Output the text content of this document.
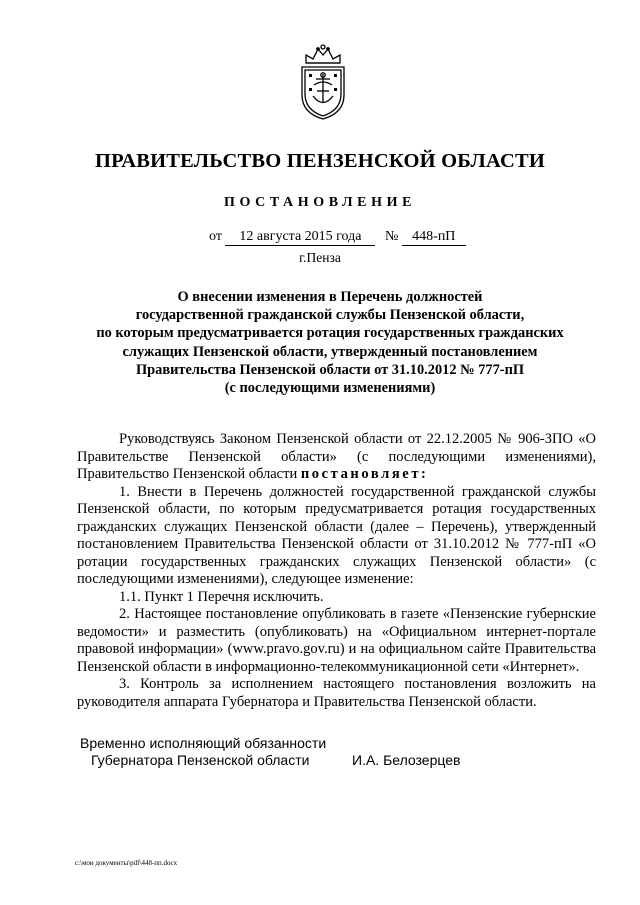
ПРАВИТЕЛЬСТВО ПЕНЗЕНСКОЙ ОБЛАСТИ
ПОСТАНОВЛЕНИЕ
от 12 августа 2015 года № 448-пП
г.Пенза
О внесении изменения в Перечень должностей
государственной гражданской службы Пензенской области,
по которым предусматривается ротация государственных гражданских
служащих Пензенской области, утвержденный постановлением
Правительства Пензенской области от 31.10.2012 № 777-пП
(с последующими изменениями)

Руководствуясь Законом Пензенской области от 22.12.2005 № 906-ЗПО «О Правительстве Пензенской области» (с последующими изменениями), Правительство Пензенской области постановляет:

1. Внести в Перечень должностей государственной гражданской службы Пензенской области, по которым предусматривается ротация государственных гражданских служащих Пензенской области (далее – Перечень), утвержденный постановлением Правительства Пензенской области от 31.10.2012 № 777-пП «О ротации государственных гражданских служащих Пензенской области» (с последующими изменениями), следующее изменение:

1.1. Пункт 1 Перечня исключить.

2. Настоящее постановление опубликовать в газете «Пензенские губернские ведомости» и разместить (опубликовать) на «Официальном интернет-портале правовой информации» (www.pravo.gov.ru) и на официальном сайте Правительства Пензенской области в информационно-телекоммуникационной сети «Интернет».

3. Контроль за исполнением настоящего постановления возложить на руководителя аппарата Губернатора и Правительства Пензенской области.

Временно исполняющий обязанности
Губернатора Пензенской области	И.А. Белозерцев
c:\мои документы\pdf\448-пп.docx
